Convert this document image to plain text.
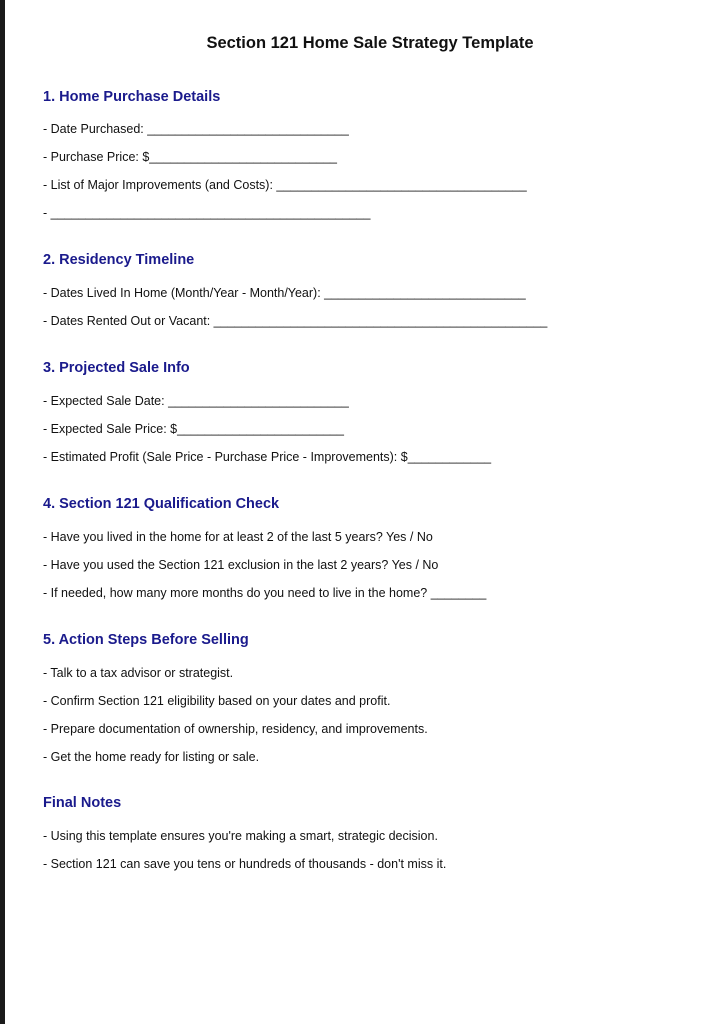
Section 121 Home Sale Strategy Template
1. Home Purchase Details

- Date Purchased: _____________________________

- Purchase Price: $___________________________

- List of Major Improvements (and Costs): ____________________________________

- ______________________________________________

2. Residency Timeline

- Dates Lived In Home (Month/Year - Month/Year): _____________________________

- Dates Rented Out or Vacant: ________________________________________________

3. Projected Sale Info

- Expected Sale Date: __________________________

- Expected Sale Price: $________________________

- Estimated Profit (Sale Price - Purchase Price - Improvements): $____________

4. Section 121 Qualification Check

- Have you lived in the home for at least 2 of the last 5 years? Yes / No

- Have you used the Section 121 exclusion in the last 2 years? Yes / No

- If needed, how many more months do you need to live in the home? ________

5. Action Steps Before Selling

- Talk to a tax advisor or strategist.

- Confirm Section 121 eligibility based on your dates and profit.

- Prepare documentation of ownership, residency, and improvements.

- Get the home ready for listing or sale.

Final Notes

- Using this template ensures you're making a smart, strategic decision.

- Section 121 can save you tens or hundreds of thousands - don't miss it.
